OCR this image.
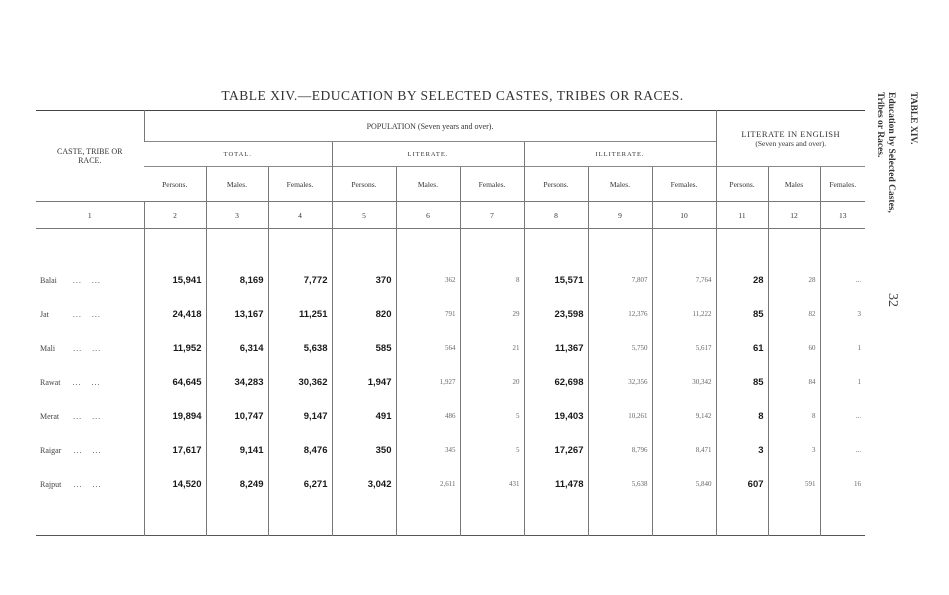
TABLE XIV.—EDUCATION BY SELECTED CASTES, TRIBES OR RACES.	TABLE XIV.
Education by Selected Castes,
Tribes or Races.
32
CASTE, TRIBE OR RACE.	POPULATION (Seven years and over).									LITERATE IN ENGLISH
(Seven years and over).		

	TOTAL.			LITERATE.			ILLITERATE.					
	Persons.	Males.	Females.	Persons.	Males.	Females.	Persons.	Males.	Females.	Persons.	Males	Females.
1	2	3	4	5	6	7	8	9	10	11	12	13

Balai ... ...	15,941	8,169	7,772	370	362	8	15,571	7,807	7,764	28	28	...
Jat ... ...	24,418	13,167	11,251	820	791	29	23,598	12,376	11,222	85	82	3
Mali ... ...	11,952	6,314	5,638	585	564	21	11,367	5,750	5,617	61	60	1
Rawat ... ...	64,645	34,283	30,362	1,947	1,927	20	62,698	32,356	30,342	85	84	1
Merat ... ...	19,894	10,747	9,147	491	486	5	19,403	10,261	9,142	8	8	...
Raigar ... ...	17,617	9,141	8,476	350	345	5	17,267	8,796	8,471	3	3	...
Rajput ... ...	14,520	8,249	6,271	3,042	2,611	431	11,478	5,638	5,840	607	591	16
